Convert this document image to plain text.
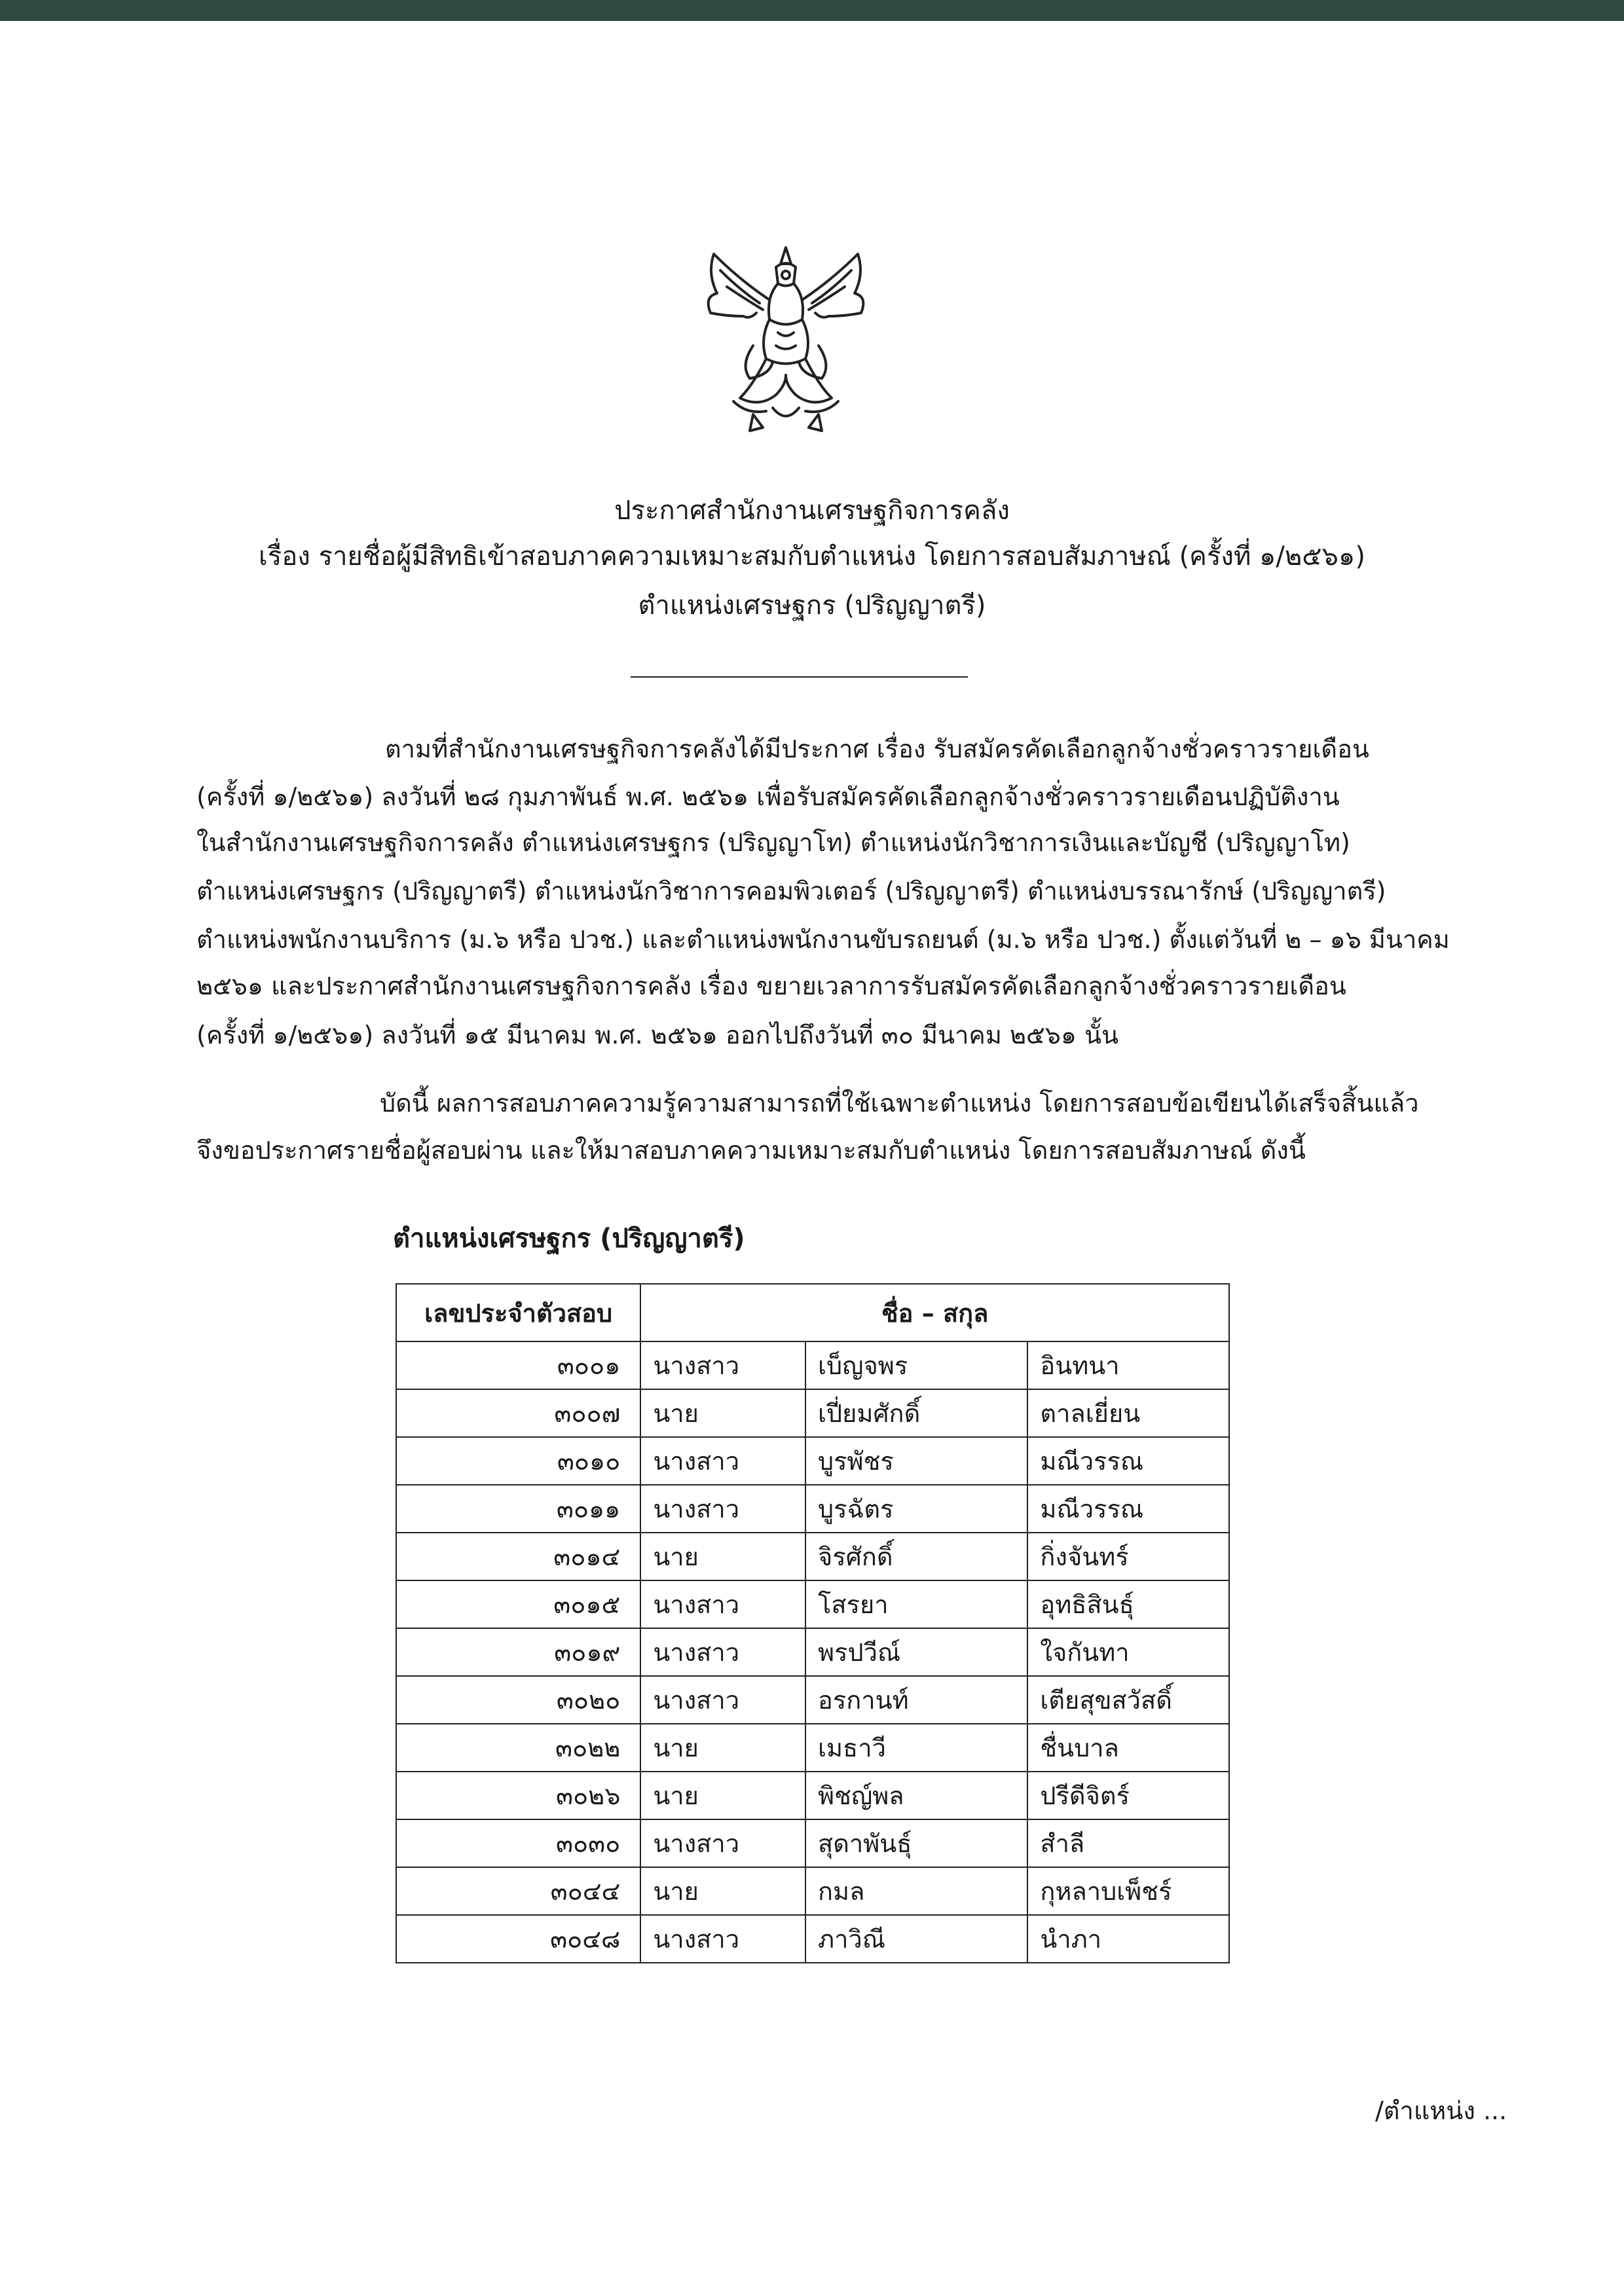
ประกาศสำนักงานเศรษฐกิจการคลัง
เรื่อง รายชื่อผู้มีสิทธิเข้าสอบภาคความเหมาะสมกับตำแหน่ง โดยการสอบสัมภาษณ์ (ครั้งที่ ๑/๒๕๖๑)
ตำแหน่งเศรษฐกร (ปริญญาตรี)
ตามที่สำนักงานเศรษฐกิจการคลังได้มีประกาศ เรื่อง รับสมัครคัดเลือกลูกจ้างชั่วคราวรายเดือน
(ครั้งที่ ๑/๒๕๖๑) ลงวันที่ ๒๘ กุมภาพันธ์ พ.ศ. ๒๕๖๑ เพื่อรับสมัครคัดเลือกลูกจ้างชั่วคราวรายเดือนปฏิบัติงาน
ในสำนักงานเศรษฐกิจการคลัง ตำแหน่งเศรษฐกร (ปริญญาโท) ตำแหน่งนักวิชาการเงินและบัญชี (ปริญญาโท)
ตำแหน่งเศรษฐกร (ปริญญาตรี) ตำแหน่งนักวิชาการคอมพิวเตอร์ (ปริญญาตรี) ตำแหน่งบรรณารักษ์ (ปริญญาตรี)
ตำแหน่งพนักงานบริการ (ม.๖ หรือ ปวช.) และตำแหน่งพนักงานขับรถยนต์ (ม.๖ หรือ ปวช.) ตั้งแต่วันที่ ๒ – ๑๖ มีนาคม
๒๕๖๑ และประกาศสำนักงานเศรษฐกิจการคลัง เรื่อง ขยายเวลาการรับสมัครคัดเลือกลูกจ้างชั่วคราวรายเดือน
(ครั้งที่ ๑/๒๕๖๑) ลงวันที่ ๑๕ มีนาคม พ.ศ. ๒๕๖๑ ออกไปถึงวันที่ ๓๐ มีนาคม ๒๕๖๑ นั้น
บัดนี้ ผลการสอบภาคความรู้ความสามารถที่ใช้เฉพาะตำแหน่ง โดยการสอบข้อเขียนได้เสร็จสิ้นแล้ว
จึงขอประกาศรายชื่อผู้สอบผ่าน และให้มาสอบภาคความเหมาะสมกับตำแหน่ง โดยการสอบสัมภาษณ์ ดังนี้
ตำแหน่งเศรษฐกร (ปริญญาตรี)
เลขประจำตัวสอบ	ชื่อ – สกุล		
๓๐๐๑	นางสาว	เบ็ญจพร	อินทนา
๓๐๐๗	นาย	เปี่ยมศักดิ์	ตาลเยี่ยน
๓๐๑๐	นางสาว	บูรพัชร	มณีวรรณ
๓๐๑๑	นางสาว	บูรฉัตร	มณีวรรณ
๓๐๑๔	นาย	จิรศักดิ์	กิ่งจันทร์
๓๐๑๕	นางสาว	โสรยา	อุทธิสินธุ์
๓๐๑๙	นางสาว	พรปวีณ์	ใจกันทา
๓๐๒๐	นางสาว	อรกานท์	เตียสุขสวัสดิ์
๓๐๒๒	นาย	เมธาวี	ชื่นบาล
๓๐๒๖	นาย	พิชญ์พล	ปรีดีจิตร์
๓๐๓๐	นางสาว	สุดาพันธุ์	สำลี
๓๐๔๔	นาย	กมล	กุหลาบเพ็ชร์
๓๐๔๘	นางสาว	ภาวิณี	นำภา
/ตำแหน่ง ...
